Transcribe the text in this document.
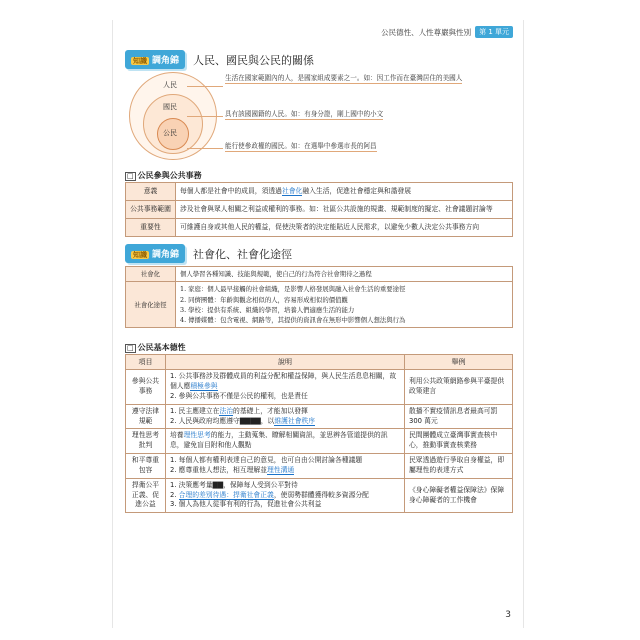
公民德性、人性尊嚴與性別	第 1 單元
知識 調角錦	人民、國民與公民的關係
人民
國民
公民
生活在國家範圍內的人，是國家組成要素之一。如：因工作而在臺灣居住的美國人
具有該國國籍的人民。如：有身分證，剛上國中的小文
能行使參政權的國民。如：在選舉中參選市長的阿昌
□ 公民參與公共事務
意義	每個人都是社會中的成員，須透過社會化融入生活，促進社會穩定與和諧發展
公共事務範圍	涉及社會與眾人相關之利益或權利的事務。如：社區公共設施的規畫、規範制度的擬定、社會議題討論等
重要性	可維護自身或其他人民的權益，促使決策者的決定能貼近人民需求，以避免少數人決定公共事務方向
知識 調角錦	社會化、社會化途徑
社會化	個人學習各種知識、技能與規範，使自己的行為符合社會期待之過程
社會化途徑	1. 家庭：個人最早接觸的社會組織，是影響人格發展與融入社會生活的重要途徑
2. 同儕團體：年齡與觀念相似的人，容易形成相似的價值觀
3. 學校：提供有系統、組織的學習，培養人們適應生活的能力
4. 傳播媒體：包含電視、網路等，其提供的資訊會在無形中影響個人想法與行為
□ 公民基本德性
項目	說明	舉例
參與公共事務	1. 公共事務涉及群體成員的利益分配和權益保障，與人民生活息息相關，故個人應積極參與
2. 參與公共事務不僅是公民的權利，也是責任	利用公共政策網路參與平臺提供政策建言
遵守法律規範	1. 民主應建立在法治的基礎上，才能加以發揮
2. 人民與政府均應遵守▇▇▇▇，以維護社會秩序	散播不實疫情訊息者最高可罰 300 萬元
理性思考批判	培養理性思考的能力，主動蒐集、瞭解相關資訊，並思辨各管道提供的訊息，避免盲目附和他人觀點	民間團體成立臺灣事實查核中心，推動事實查核業務
和平尊重包容	1. 每個人都有權利表達自己的意見，也可自由公開討論各種議題
2. 應尊重他人想法，相互理解並理性溝通	民眾透過遊行爭取自身權益，即屬理性的表達方式
捍衛公平正義、促進公益	1. 決策應考量▇▇，保障每人受到公平對待
2. 合理的差別待遇：捍衛社會正義，使弱勢群體獲得較多資源分配
3. 個人為他人從事有利的行為，促進社會公共利益	《身心障礙者權益保障法》保障身心障礙者的工作機會
3
